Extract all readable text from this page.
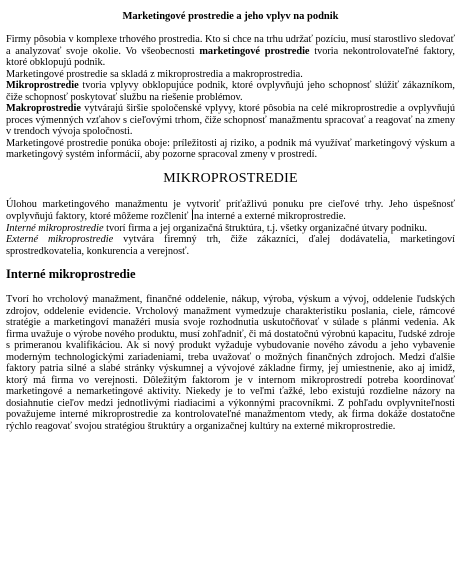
Marketingové prostredie a jeho vplyv na podnik

Firmy pôsobia v komplexe trhového prostredia. Kto si chce na trhu udržať pozíciu, musí starostlivo sledovať a analyzovať svoje okolie. Vo všeobecnosti marketingové prostredie tvoria nekontrolovateľné faktory, ktoré obklopujú podnik.

Marketingové prostredie sa skladá z mikroprostredia a makroprostredia.

Mikroprostredie tvoria vplyvy obklopujúce podnik, ktoré ovplyvňujú jeho schopnosť slúžiť zákazníkom, čiže schopnosť poskytovať službu na riešenie problémov.

Makroprostredie vytvárajú širšie spoločenské vplyvy, ktoré pôsobia na celé mikroprostredie a ovplyvňujú proces výmenných vzťahov s cieľovými trhom, čiže schopnosť manažmentu spracovať a reagovať na zmeny v trendoch vývoja spoločnosti.

Marketingové prostredie ponúka oboje: príležitosti aj riziko, a podnik má využívať marketingový výskum a marketingový systém informácií, aby pozorne spracoval zmeny v prostredí.

MIKROPROSTREDIE

Úlohou marketingového manažmentu je vytvoriť príťažlivú ponuku pre cieľové trhy. Jeho úspešnosť ovplyvňujú faktory, ktoré môžeme rozčleniť na interné a externé mikroprostredie.

Interné mikroprostredie tvorí firma a jej organizačná štruktúra, t.j. všetky organizačné útvary podniku.

Externé mikroprostredie vytvára firemný trh, čiže zákazníci, ďalej dodávatelia, marketingoví sprostredkovatelia, konkurencia a verejnosť.

Interné mikroprostredie

Tvorí ho vrcholový manažment, finančné oddelenie, nákup, výroba, výskum a vývoj, oddelenie ľudských zdrojov, oddelenie evidencie. Vrcholový manažment vymedzuje charakteristiku poslania, ciele, rámcové stratégie a marketingoví manažéri musia svoje rozhodnutia uskutočňovať v súlade s plánmi vedenia. Ak firma uvažuje o výrobe nového produktu, musí zohľadniť, či má dostatočnú výrobnú kapacitu, ľudské zdroje s primeranou kvalifikáciou. Ak si nový produkt vyžaduje vybudovanie nového závodu a jeho vybavenie moderným technologickými zariadeniami, treba uvažovať o možných finančných zdrojoch. Medzi ďalšie faktory patria silné a slabé stránky výskumnej a vývojové základne firmy, jej umiestnenie, ako aj imidž, ktorý má firma vo verejnosti. Dôležitým faktorom je v internom mikroprostredí potreba koordinovať marketingové a nemarketingové aktivity. Niekedy je to veľmi ťažké, lebo existujú rozdielne názory na dosiahnutie cieľov medzi jednotlivými riadiacimi a výkonnými pracovníkmi. Z pohľadu ovplyvniteľnosti považujeme interné mikroprostredie za kontrolovateľné manažmentom vtedy, ak firma dokáže dostatočne rýchlo reagovať svojou stratégiou štruktúry a organizačnej kultúry na externé mikroprostredie.
